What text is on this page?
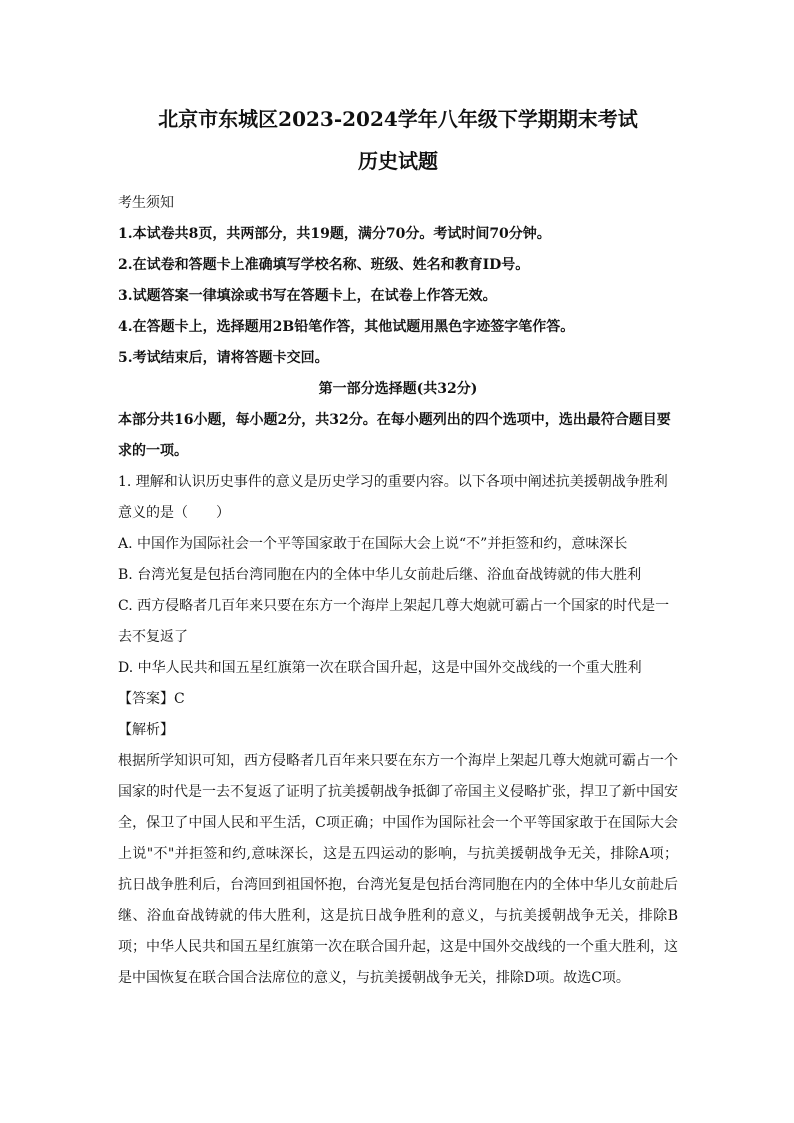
北京市东城区2023-2024学年八年级下学期期末考试
历史试题
考生须知
1.本试卷共8页，共两部分，共19题，满分70分。考试时间70分钟。
2.在试卷和答题卡上准确填写学校名称、班级、姓名和教育ID号。
3.试题答案一律填涂或书写在答题卡上，在试卷上作答无效。
4.在答题卡上，选择题用2B铅笔作答，其他试题用黑色字迹签字笔作答。
5.考试结束后，请将答题卡交回。
第一部分选择题(共32分)
本部分共16小题，每小题2分，共32分。在每小题列出的四个选项中，选出最符合题目要求的一项。
1. 理解和认识历史事件的意义是历史学习的重要内容。以下各项中阐述抗美援朝战争胜利意义的是（　　）
A. 中国作为国际社会一个平等国家敢于在国际大会上说“不”并拒签和约，意味深长
B. 台湾光复是包括台湾同胞在内的全体中华儿女前赴后继、浴血奋战铸就的伟大胜利
C. 西方侵略者几百年来只要在东方一个海岸上架起几尊大炮就可霸占一个国家的时代是一去不复返了
D. 中华人民共和国五星红旗第一次在联合国升起，这是中国外交战线的一个重大胜利
【答案】C
【解析】
根据所学知识可知，西方侵略者几百年来只要在东方一个海岸上架起几尊大炮就可霸占一个国家的时代是一去不复返了证明了抗美援朝战争抵御了帝国主义侵略扩张，捍卫了新中国安全，保卫了中国人民和平生活，C项正确；中国作为国际社会一个平等国家敢于在国际大会上说"不"并拒签和约,意味深长，这是五四运动的影响，与抗美援朝战争无关，排除A项； 抗日战争胜利后，台湾回到祖国怀抱，台湾光复是包括台湾同胞在内的全体中华儿女前赴后继、浴血奋战铸就的伟大胜利，这是抗日战争胜利的意义，与抗美援朝战争无关，排除B项；中华人民共和国五星红旗第一次在联合国升起，这是中国外交战线的一个重大胜利，这是中国恢复在联合国合法席位的意义，与抗美援朝战争无关，排除D项。故选C项。
